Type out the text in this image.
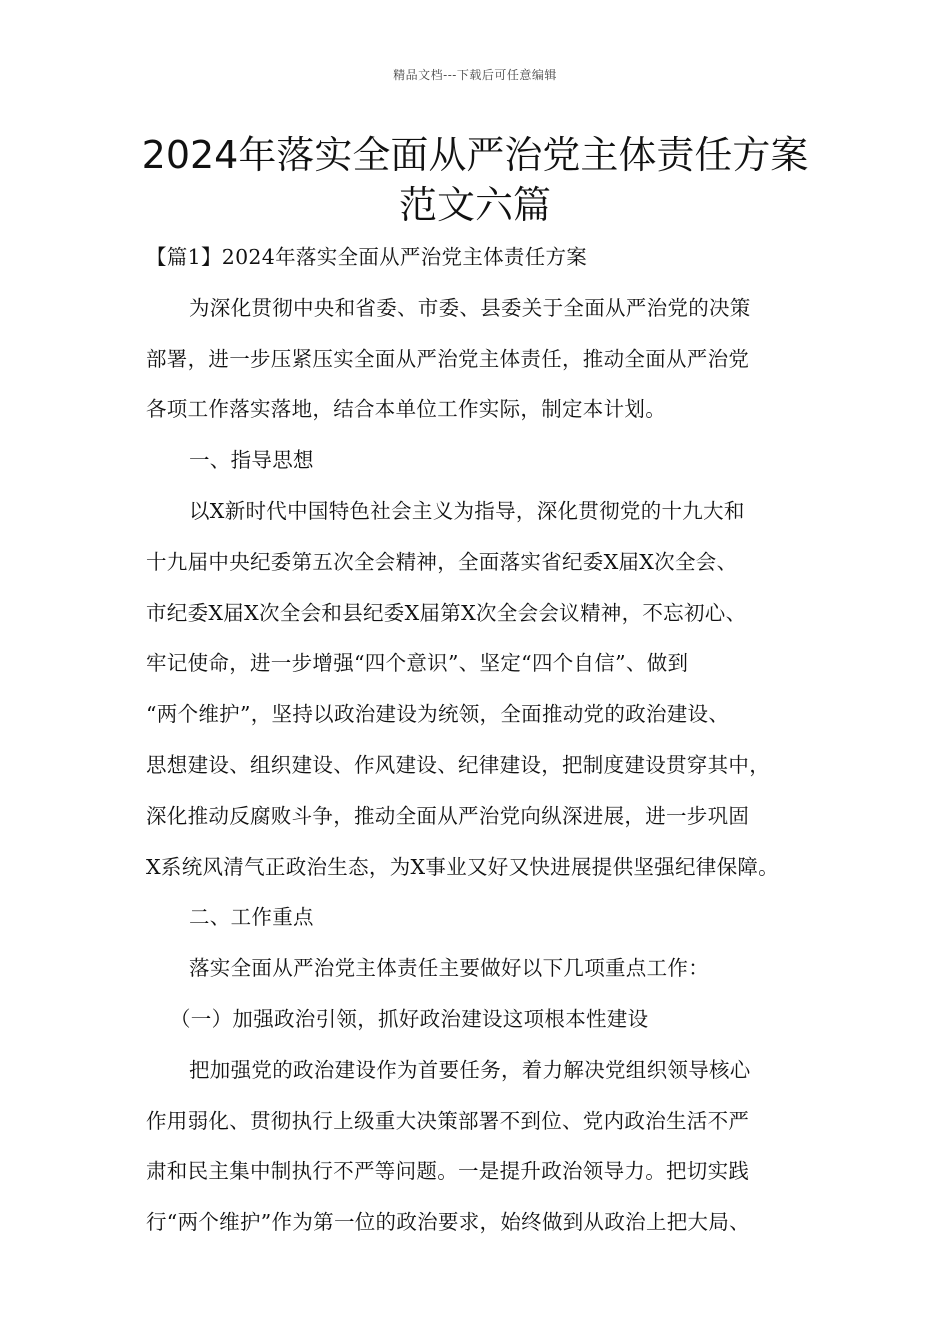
精品文档---下载后可任意编辑
2024年落实全面从严治党主体责任方案
范文六篇

【篇1】2024年落实全面从严治党主体责任方案

为深化贯彻中央和省委、市委、县委关于全面从严治党的决策

部署，进一步压紧压实全面从严治党主体责任，推动全面从严治党

各项工作落实落地，结合本单位工作实际，制定本计划。

一、指导思想

以X新时代中国特色社会主义为指导，深化贯彻党的十九大和

十九届中央纪委第五次全会精神，全面落实省纪委X届X次全会、

市纪委X届X次全会和县纪委X届第X次全会会议精神，不忘初心、

牢记使命，进一步增强“四个意识”、坚定“四个自信”、做到

“两个维护”，坚持以政治建设为统领，全面推动党的政治建设、

思想建设、组织建设、作风建设、纪律建设，把制度建设贯穿其中，

深化推动反腐败斗争，推动全面从严治党向纵深进展，进一步巩固

X系统风清气正政治生态，为X事业又好又快进展提供坚强纪律保障。

二、工作重点

落实全面从严治党主体责任主要做好以下几项重点工作：

（一）加强政治引领，抓好政治建设这项根本性建设

把加强党的政治建设作为首要任务，着力解决党组织领导核心

作用弱化、贯彻执行上级重大决策部署不到位、党内政治生活不严

肃和民主集中制执行不严等问题。一是提升政治领导力。把切实践

行“两个维护”作为第一位的政治要求，始终做到从政治上把大局、
